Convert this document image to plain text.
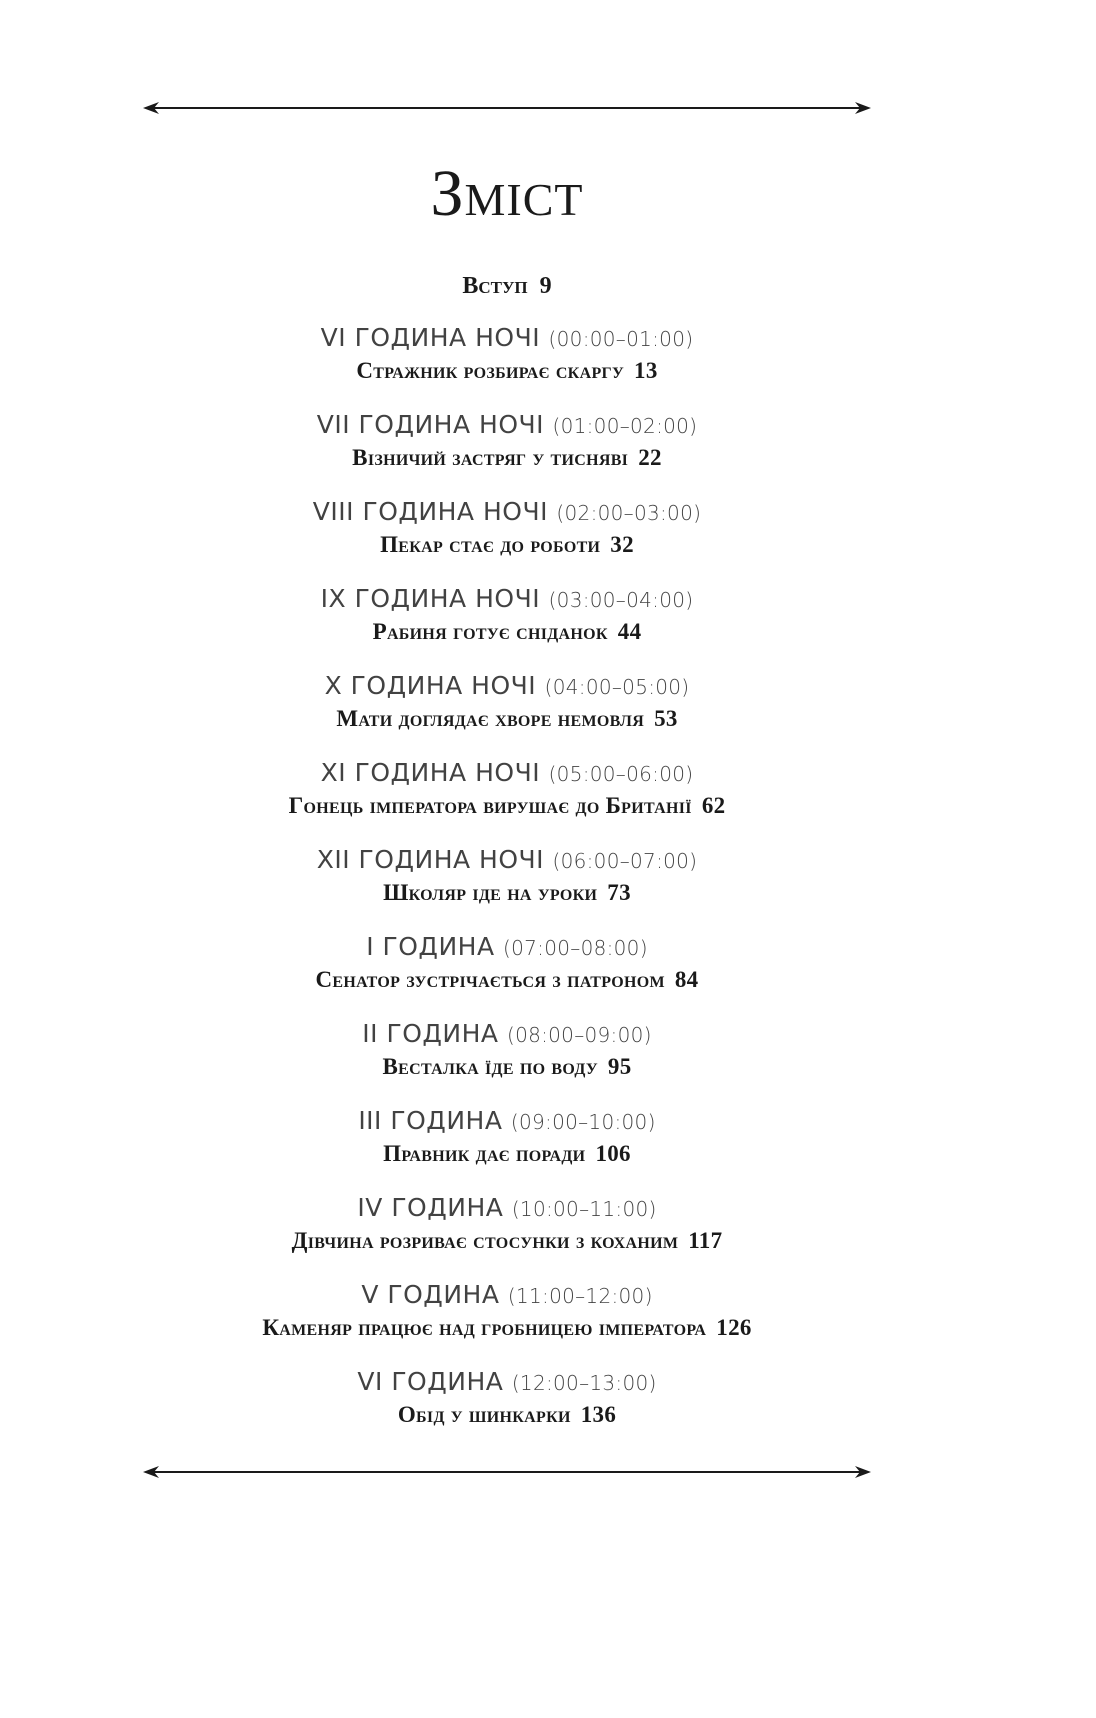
Зміст
Вступ 9
VI ГОДИНА НОЧІ (00:00–01:00)
Стражник розбирає скаргу 13
VII ГОДИНА НОЧІ (01:00–02:00)
Візничий застряг у тисняві 22
VIII ГОДИНА НОЧІ (02:00–03:00)
Пекар стає до роботи 32
IX ГОДИНА НОЧІ (03:00–04:00)
Рабиня готує сніданок 44
X ГОДИНА НОЧІ (04:00–05:00)
Мати доглядає хворе немовля 53
XI ГОДИНА НОЧІ (05:00–06:00)
Гонець імператора вирушає до Британії 62
XII ГОДИНА НОЧІ (06:00–07:00)
Школяр іде на уроки 73
I ГОДИНА (07:00–08:00)
Сенатор зустрічається з патроном 84
II ГОДИНА (08:00–09:00)
Весталка їде по воду 95
III ГОДИНА (09:00–10:00)
Правник дає поради 106
IV ГОДИНА (10:00–11:00)
Дівчина розриває стосунки з коханим 117
V ГОДИНА (11:00–12:00)
Каменяр працює над гробницею імператора 126
VI ГОДИНА (12:00–13:00)
Обід у шинкарки 136
